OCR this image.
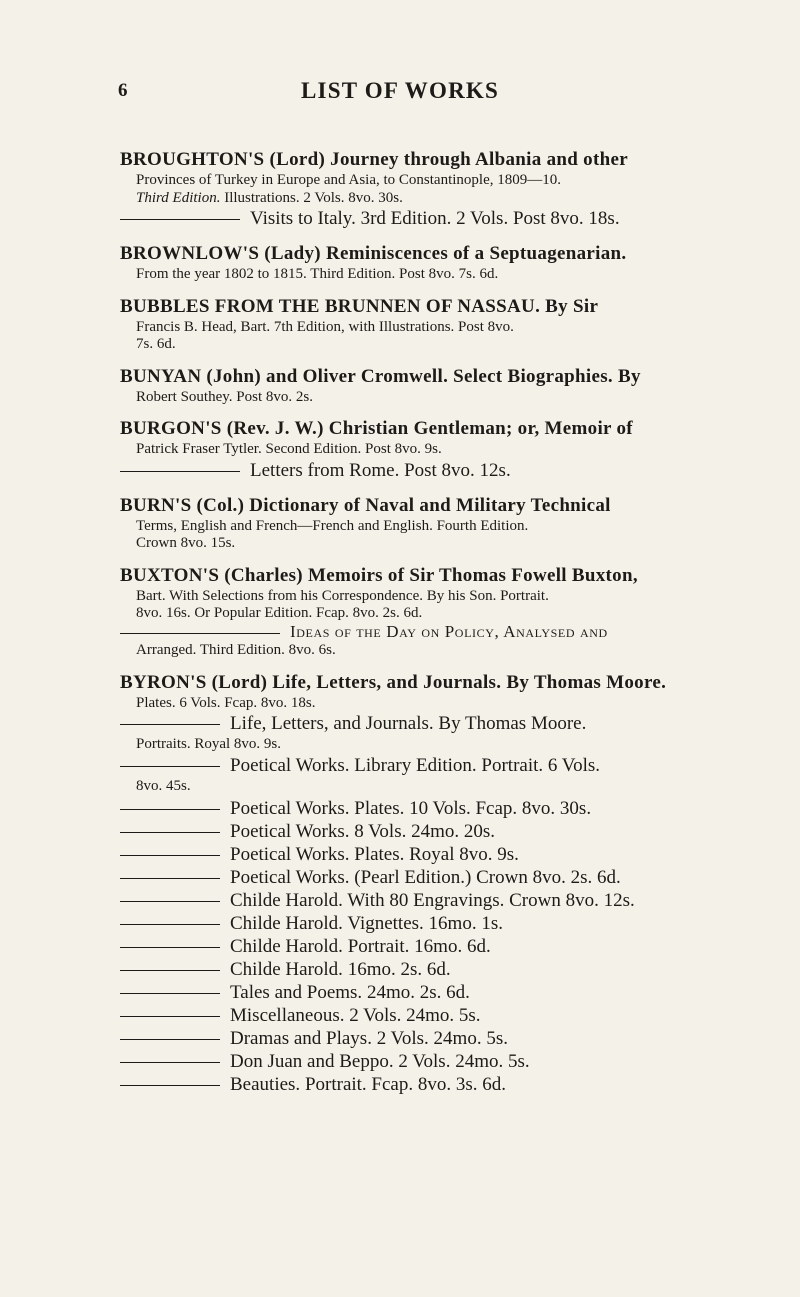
6	LIST OF WORKS
BROUGHTON'S (Lord) Journey through Albania and other
Provinces of Turkey in Europe and Asia, to Constantinople, 1809—10.
Third Edition. Illustrations. 2 Vols. 8vo. 30s.
Visits to Italy. 3rd Edition. 2 Vols. Post 8vo. 18s.
BROWNLOW'S (Lady) Reminiscences of a Septuagenarian.
From the year 1802 to 1815. Third Edition. Post 8vo. 7s. 6d.
BUBBLES FROM THE BRUNNEN OF NASSAU. By Sir
Francis B. Head, Bart. 7th Edition, with Illustrations. Post 8vo.
7s. 6d.
BUNYAN (John) and Oliver Cromwell. Select Biographies. By
Robert Southey. Post 8vo. 2s.
BURGON'S (Rev. J. W.) Christian Gentleman; or, Memoir of
Patrick Fraser Tytler. Second Edition. Post 8vo. 9s.
Letters from Rome. Post 8vo. 12s.
BURN'S (Col.) Dictionary of Naval and Military Technical
Terms, English and French—French and English. Fourth Edition.
Crown 8vo. 15s.
BUXTON'S (Charles) Memoirs of Sir Thomas Fowell Buxton,
Bart. With Selections from his Correspondence. By his Son. Portrait.
8vo. 16s. Or Popular Edition. Fcap. 8vo. 2s. 6d.
Ideas of the Day on Policy, Analysed and
Arranged. Third Edition. 8vo. 6s.
BYRON'S (Lord) Life, Letters, and Journals. By Thomas Moore.
Plates. 6 Vols. Fcap. 8vo. 18s.
Life, Letters, and Journals. By Thomas Moore.
Portraits. Royal 8vo. 9s.
Poetical Works. Library Edition. Portrait. 6 Vols.
8vo. 45s.
Poetical Works. Plates. 10 Vols. Fcap. 8vo. 30s.
Poetical Works. 8 Vols. 24mo. 20s.
Poetical Works. Plates. Royal 8vo. 9s.
Poetical Works. (Pearl Edition.) Crown 8vo. 2s. 6d.
Childe Harold. With 80 Engravings. Crown 8vo. 12s.
Childe Harold. Vignettes. 16mo. 1s.
Childe Harold. Portrait. 16mo. 6d.
Childe Harold. 16mo. 2s. 6d.
Tales and Poems. 24mo. 2s. 6d.
Miscellaneous. 2 Vols. 24mo. 5s.
Dramas and Plays. 2 Vols. 24mo. 5s.
Don Juan and Beppo. 2 Vols. 24mo. 5s.
Beauties. Portrait. Fcap. 8vo. 3s. 6d.
